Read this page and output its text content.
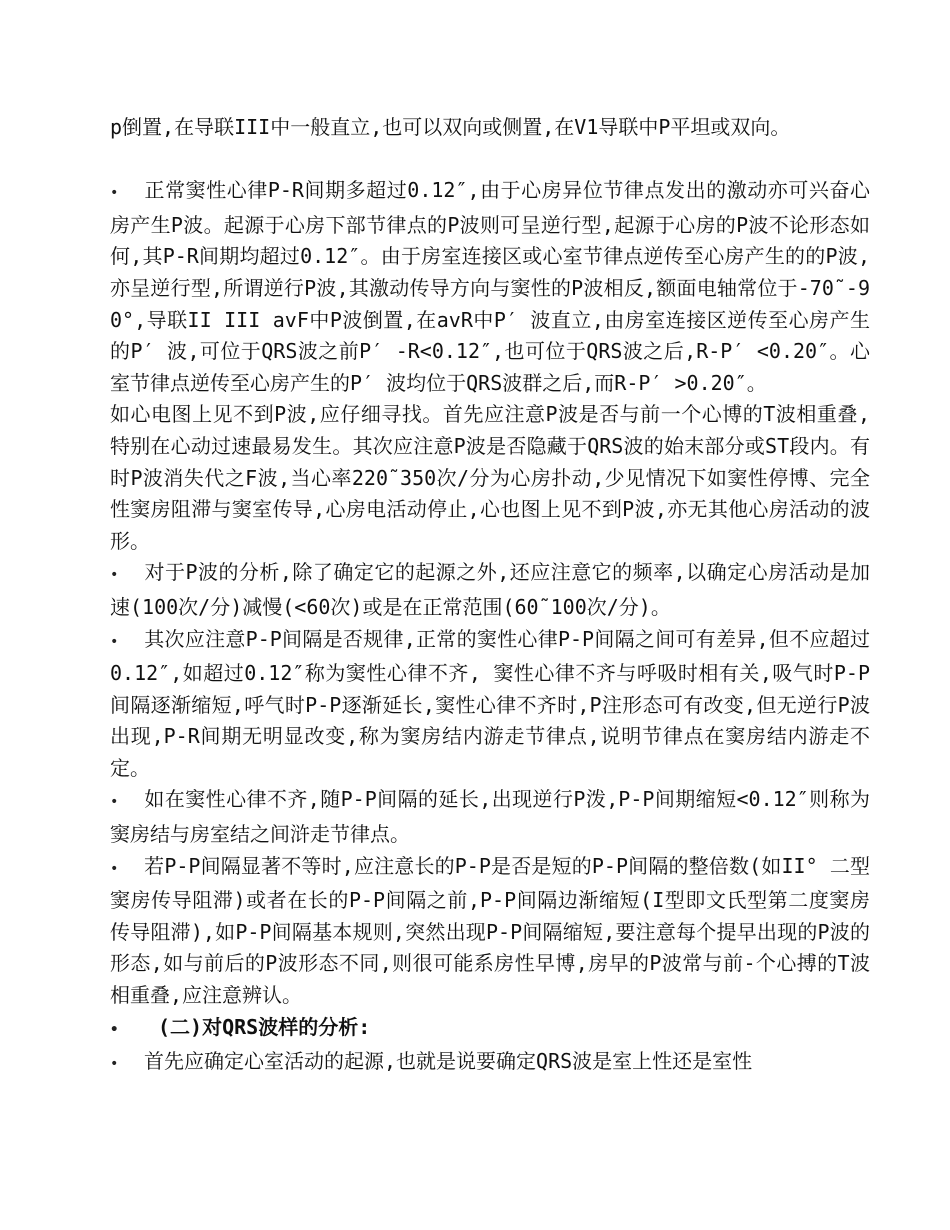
p倒置,在导联III中一般直立,也可以双向或侧置,在V1导联中P平坦或双向。

• 正常窦性心律P-R间期多超过0.12″,由于心房异位节律点发出的激动亦可兴奋心房产生P波。起源于心房下部节律点的P波则可呈逆行型,起源于心房的P波不论形态如何,其P-R间期均超过0.12″。由于房室连接区或心室节律点逆传至心房产生的的P波,亦呈逆行型,所谓逆行P波,其激动传导方向与窦性的P波相反,额面电轴常位于-70˜-90°,导联II III avF中P波倒置,在avR中P′ 波直立,由房室连接区逆传至心房产生的P′ 波,可位于QRS波之前P′ -R<0.12″,也可位于QRS波之后,R-P′ <0.20″。心室节律点逆传至心房产生的P′ 波均位于QRS波群之后,而R-P′ >0.20″。

如心电图上见不到P波,应仔细寻找。首先应注意P波是否与前一个心博的T波相重叠,特别在心动过速最易发生。其次应注意P波是否隐藏于QRS波的始末部分或ST段内。有时P波消失代之F波,当心率220˜350次/分为心房扑动,少见情况下如窦性停博、完全性窦房阻滞与窦室传导,心房电活动停止,心也图上见不到P波,亦无其他心房活动的波形。

• 对于P波的分析,除了确定它的起源之外,还应注意它的频率,以确定心房活动是加速(100次/分)减慢(<60次)或是在正常范围(60˜100次/分)。

• 其次应注意P-P间隔是否规律,正常的窦性心律P-P间隔之间可有差异,但不应超过0.12″,如超过0.12″称为窦性心律不齐, 窦性心律不齐与呼吸时相有关,吸气时P-P间隔逐渐缩短,呼气时P-P逐渐延长,窦性心律不齐时,P注形态可有改变,但无逆行P波出现,P-R间期无明显改变,称为窦房结内游走节律点,说明节律点在窦房结内游走不定。

• 如在窦性心律不齐,随P-P间隔的延长,出现逆行P泼,P-P间期缩短<0.12″则称为窦房结与房室结之间浒走节律点。

• 若P-P间隔显著不等时,应注意长的P-P是否是短的P-P间隔的整倍数(如II° 二型窦房传导阻滞)或者在长的P-P间隔之前,P-P间隔边渐缩短(I型即文氏型第二度窦房传导阻滞),如P-P间隔基本规则,突然出现P-P间隔缩短,要注意每个提早出现的P波的形态,如与前后的P波形态不同,则很可能系房性早博,房早的P波常与前-个心搏的T波相重叠,应注意辨认。

• (二)对QRS波样的分析:

• 首先应确定心室活动的起源,也就是说要确定QRS波是室上性还是室性
